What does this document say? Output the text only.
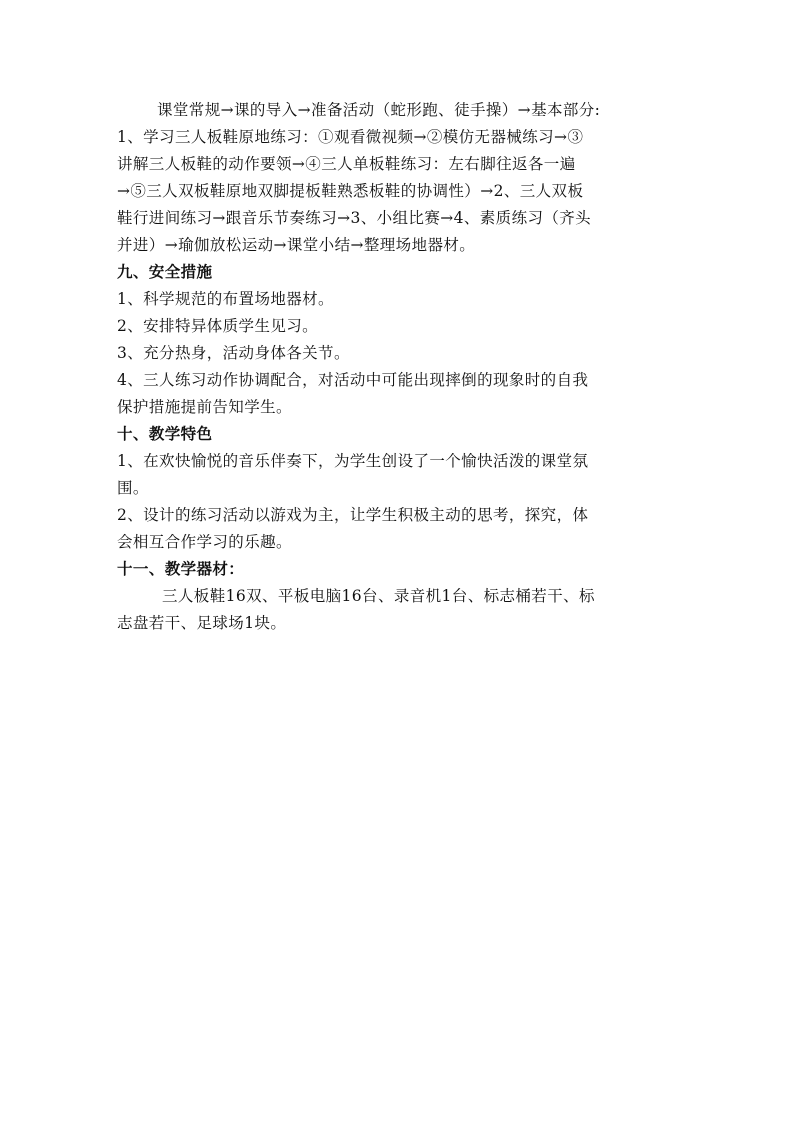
课堂常规→课的导入→准备活动（蛇形跑、徒手操）→基本部分:
1、学习三人板鞋原地练习：①观看微视频→②模仿无器械练习→③
讲解三人板鞋的动作要领→④三人单板鞋练习：左右脚往返各一遍
→⑤三人双板鞋原地双脚提板鞋熟悉板鞋的协调性）→2、三人双板
鞋行进间练习→跟音乐节奏练习→3、小组比赛→4、素质练习（齐头
并进）→瑜伽放松运动→课堂小结→整理场地器材。
九、安全措施
1、科学规范的布置场地器材。
2、安排特异体质学生见习。
3、充分热身，活动身体各关节。
4、三人练习动作协调配合，对活动中可能出现摔倒的现象时的自我
保护措施提前告知学生。
十、教学特色
1、在欢快愉悦的音乐伴奏下，为学生创设了一个愉快活泼的课堂氛
围。
2、设计的练习活动以游戏为主，让学生积极主动的思考，探究，体
会相互合作学习的乐趣。
十一、教学器材：
三人板鞋16双、平板电脑16台、录音机1台、标志桶若干、标
志盘若干、足球场1块。
